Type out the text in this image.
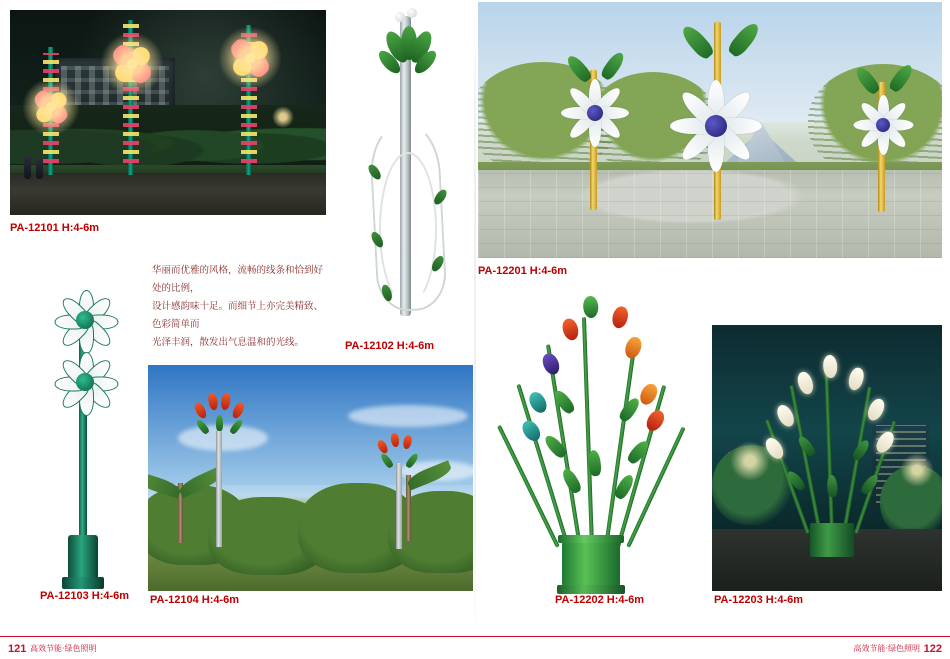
PA-12101 H:4-6m
PA-12102 H:4-6m
PA-12201 H:4-6m
PA-12103 H:4-6m

华丽而优雅的风格，流畅的线条和恰到好处的比例，

设计感韵味十足。而细节上亦完美精致、色彩简单而

光泽丰润，散发出气息温和的光线。

PA-12104 H:4-6m	PA-12202 H:4-6m	PA-12203 H:4-6m
121 高效节能·绿色照明	122
高效节能·绿色照明
